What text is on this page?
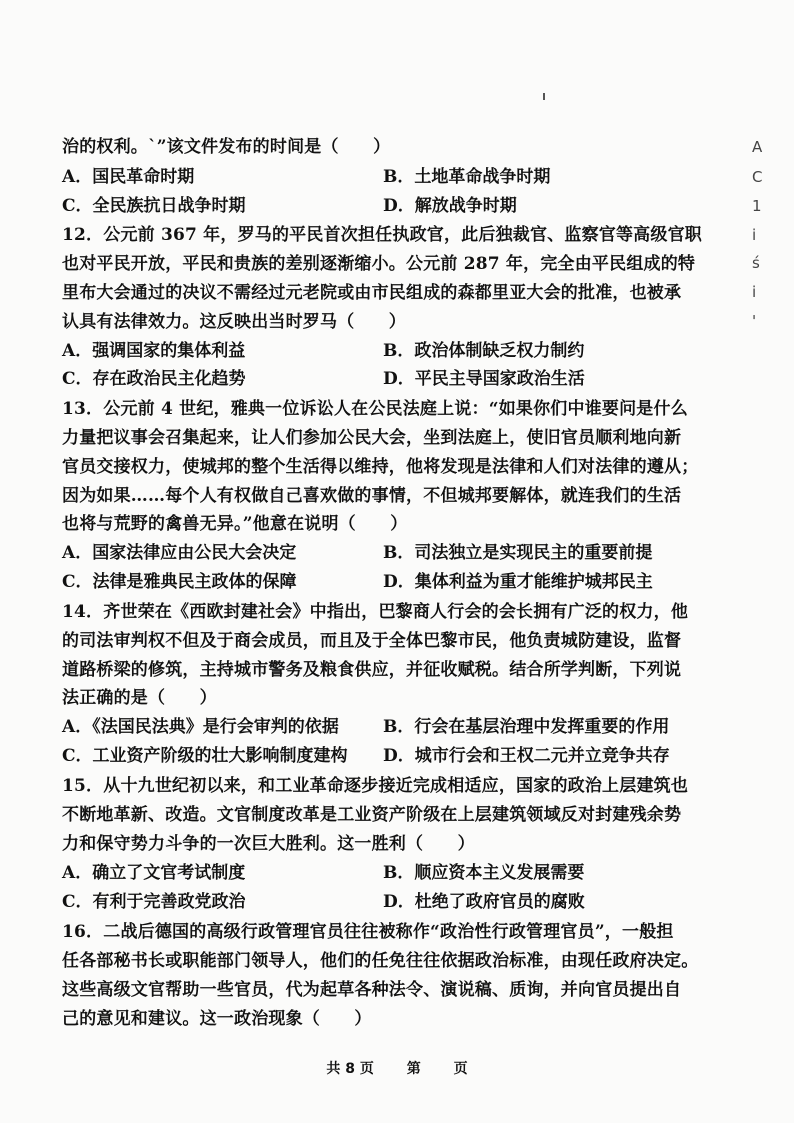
治的权利。`”该文件发布的时间是（　　）
A．国民革命时期	B．土地革命战争时期
C．全民族抗日战争时期	D．解放战争时期
12．公元前 367 年，罗马的平民首次担任执政官，此后独裁官、监察官等高级官职
也对平民开放，平民和贵族的差别逐渐缩小。公元前 287 年，完全由平民组成的特
里布大会通过的决议不需经过元老院或由市民组成的森都里亚大会的批准，也被承
认具有法律效力。这反映出当时罗马（　　）
A．强调国家的集体利益	B．政治体制缺乏权力制约
C．存在政治民主化趋势	D．平民主导国家政治生活
13．公元前 4 世纪，雅典一位诉讼人在公民法庭上说：“如果你们中谁要问是什么
力量把议事会召集起来，让人们参加公民大会，坐到法庭上，使旧官员顺利地向新
官员交接权力，使城邦的整个生活得以维持，他将发现是法律和人们对法律的遵从；
因为如果……每个人有权做自己喜欢做的事情，不但城邦要解体，就连我们的生活
也将与荒野的禽兽无异。”他意在说明（　　）
A．国家法律应由公民大会决定	B．司法独立是实现民主的重要前提
C．法律是雅典民主政体的保障	D．集体利益为重才能维护城邦民主
14．齐世荣在《西欧封建社会》中指出，巴黎商人行会的会长拥有广泛的权力，他
的司法审判权不但及于商会成员，而且及于全体巴黎市民，他负责城防建设，监督
道路桥梁的修筑，主持城市警务及粮食供应，并征收赋税。结合所学判断，下列说
法正确的是（　　）
A．《法国民法典》是行会审判的依据	B．行会在基层治理中发挥重要的作用
C．工业资产阶级的壮大影响制度建构 D．城市行会和王权二元并立竞争共存
15．从十九世纪初以来，和工业革命逐步接近完成相适应，国家的政治上层建筑也
不断地革新、改造。文官制度改革是工业资产阶级在上层建筑领域反对封建残余势
力和保守势力斗争的一次巨大胜利。这一胜利（　　）
A．确立了文官考试制度	B．顺应资本主义发展需要
C．有利于完善政党政治	D．杜绝了政府官员的腐败
16．二战后德国的高级行政管理官员往往被称作“政治性行政管理官员”，一般担
任各部秘书长或职能部门领导人，他们的任免往往依据政治标准，由现任政府决定。
这些高级文官帮助一些官员，代为起草各种法令、演说稿、质询，并向官员提出自
己的意见和建议。这一政治现象（　　）
A
C
1
i
ś
i
'
共 8 页 第 页
